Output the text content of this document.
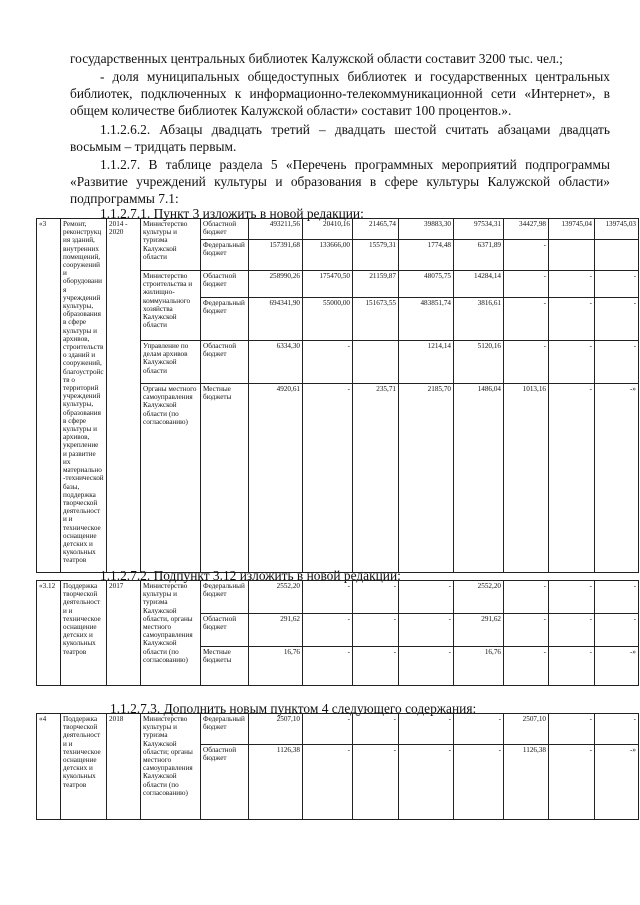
государственных центральных библиотек Калужской области составит 3200 тыс. чел.;
- доля муниципальных общедоступных библиотек и государственных центральных библиотек, подключенных к информационно-телекоммуникационной сети «Интернет», в общем количестве библиотек Калужской области» составит 100 процентов.».
1.1.2.6.2. Абзацы двадцать третий – двадцать шестой считать абзацами двадцать восьмым – тридцать первым.
1.1.2.7. В таблице раздела 5 «Перечень программных мероприятий подпрограммы «Развитие учреждений культуры и образования в сфере культуры Калужской области» подпрограммы 7.1:
1.1.2.7.1. Пункт 3 изложить в новой редакции:
«3	Ремонт, реконструкция зданий, внутренних помещений, сооружений и оборудования учреждений культуры, образования в сфере культуры и архивов, строительство зданий и сооружений, благоустройств о территорий учреждений культуры, образования в сфере культуры и архивов, укрепление и развитие их материально-технической базы, поддержка творческой деятельности и техническое оснащение детских и кукольных театров	2014 - 2020	Министерство культуры и туризма Калужской области	Областной бюджет	493211,56	20410,16	21465,74	39883,30	97534,31	34427,98	139745,04	139745,03
				Федеральный бюджет	157391,68	133666,00	15579,31	1774,48	6371,89	-		
			Министерство строительства и жилищно-коммунального хозяйства Калужской области	Областной бюджет	258990,26	175470,50	21159,87	48075,75	14284,14	-	-	-
				Федеральный бюджет	694341,90	55000,00	151673,55	483851,74	3816,61	-	-	-
			Управление по делам архивов Калужской области	Областной бюджет	6334,30	-		1214,14	5120,16	-	-	-
			Органы местного самоуправления Калужской области (по согласованию)	Местные бюджеты	4920,61	-	235,71	2185,70	1486,04	1013,16	-	-»
1.1.2.7.2. Подпункт 3.12 изложить в новой редакции:
«3.12	Поддержка творческой деятельности и техническое оснащение детских и кукольных театров	2017	Министерство культуры и туризма Калужской области, органы местного самоуправления Калужской области (по согласованию)	Федеральный бюджет	2552,20	-	-	-	2552,20	-	-	-
				Областной бюджет	291,62	-	-	-	291,62	-	-	-
				Местные бюджеты	16,76	-	-	-	16,76	-	-	-»
1.1.2.7.3. Дополнить новым пунктом 4 следующего содержания:
«4	Поддержка творческой деятельности и техническое оснащение детских и кукольных театров	2018	Министерство культуры и туризма Калужской области; органы местного самоуправления Калужской области (по согласованию)	Федеральный бюджет	2507,10	-	-	-	-	2507,10	-	-
				Областной бюджет	1126,38	-	-	-	-	1126,38	-	-»
